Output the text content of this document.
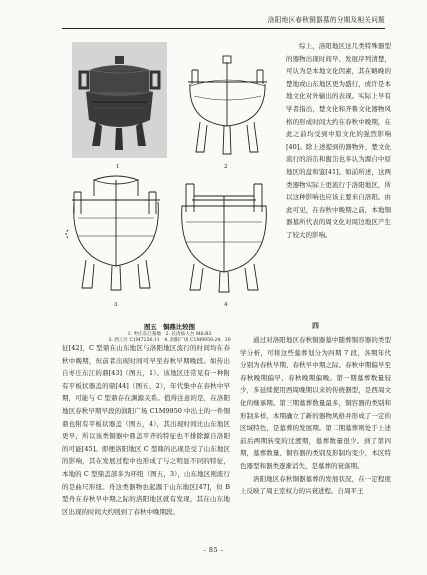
洛阳地区春秋铜器墓的分期及相关问题
1	2
3	4
图五　铜鼎比较图
1. 枣庄东江墓地　2. 长清仙人台 M6:B3
3. 西工区 C1M7256:11　4. 润阳广场 C1M9950:24、30

综上，洛阳地区这几类特殊器型的器物出现时间早、发展序列清楚，可认为是本地文化因素，其在略晚的楚地或山东地区更为盛行，或许是本地文化对外输出的表现。实际上早有学者指出，楚文化和齐鲁文化器物风格的形成时间大约在春秋中晚期，在此之前均受到中原文化的强烈影响[40]。除上述提到的器物外，楚文化流行的浴缶和盥缶也多认为源自中原地区的盘和鉴[41]。如前所述，这两类器物实际上更流行于洛阳地区，所以这种影响也应该主要来自洛阳。由此可见，在春秋中晚期之前，本地铜器墓所代表的周文化对周边地区产生了较大的影响。

四

征[42]，C 型鼎在山东地区与洛阳地区流行的时间均在春秋中晚期，但前者出现时间可早至春秋早期晚段。如传出自枣庄东江的鼎[43]（图五，1）。该地区还常见有一种附有平板状器盖的鼎[44]（图五，2），年代集中在春秋中早期，可能与 C 型鼎存在渊源关系。值得注意的是，在洛阳地区春秋早期早段的润阳广场 C1M9950 中出土的一件铜鼎也附有平板状器盖（图五，4），其出现时间比山东地区更早，所以该类铜器中鼎盖平齐的特征也不排除源自洛阳的可能[45]。即便洛阳地区 C 型鼎的出现是受了山东地区的影响，其在发展过程中也形成了与之明显不同的特征，本地的 C 型鼎盖部多为环纽（图五，3），山东地区则流行的是曲尺形纽。舟这类器物也起源于山东地区[47]，但 B 型舟在春秋早中期之际的洛阳地区就有发现，其在山东地区出现的时间大约则到了春秋中晚期段。

通过对洛阳地区春秋铜器墓中随葬铜容器的类型学分析，可将这些墓葬划分为四期 7 段，各期年代分别为春秋早期、春秋早中期之际、春秋中期偏早至春秋晚期偏早、春秋晚期偏晚。第一期墓葬数量较少，多延续使用西周晚期以来的传统器型，是西周文化的继承期。第三期墓葬数量最多，铜容器的类别和形制多样，本期确立了新的器物风格并形成了一定的区域特色，是墓葬的发展期。第二期墓葬则处于上述前后两期转变的过渡期，墓葬数量很少。到了第四期，墓葬数量、铜容器的类别及形制均变少，本区特色器型和器类逐渐消失，是墓葬的衰落期。

洛阳地区春秋铜器墓葬的发展状况，在一定程度上反映了周王室权力的兴衰进程。自周平王

- 85 -
